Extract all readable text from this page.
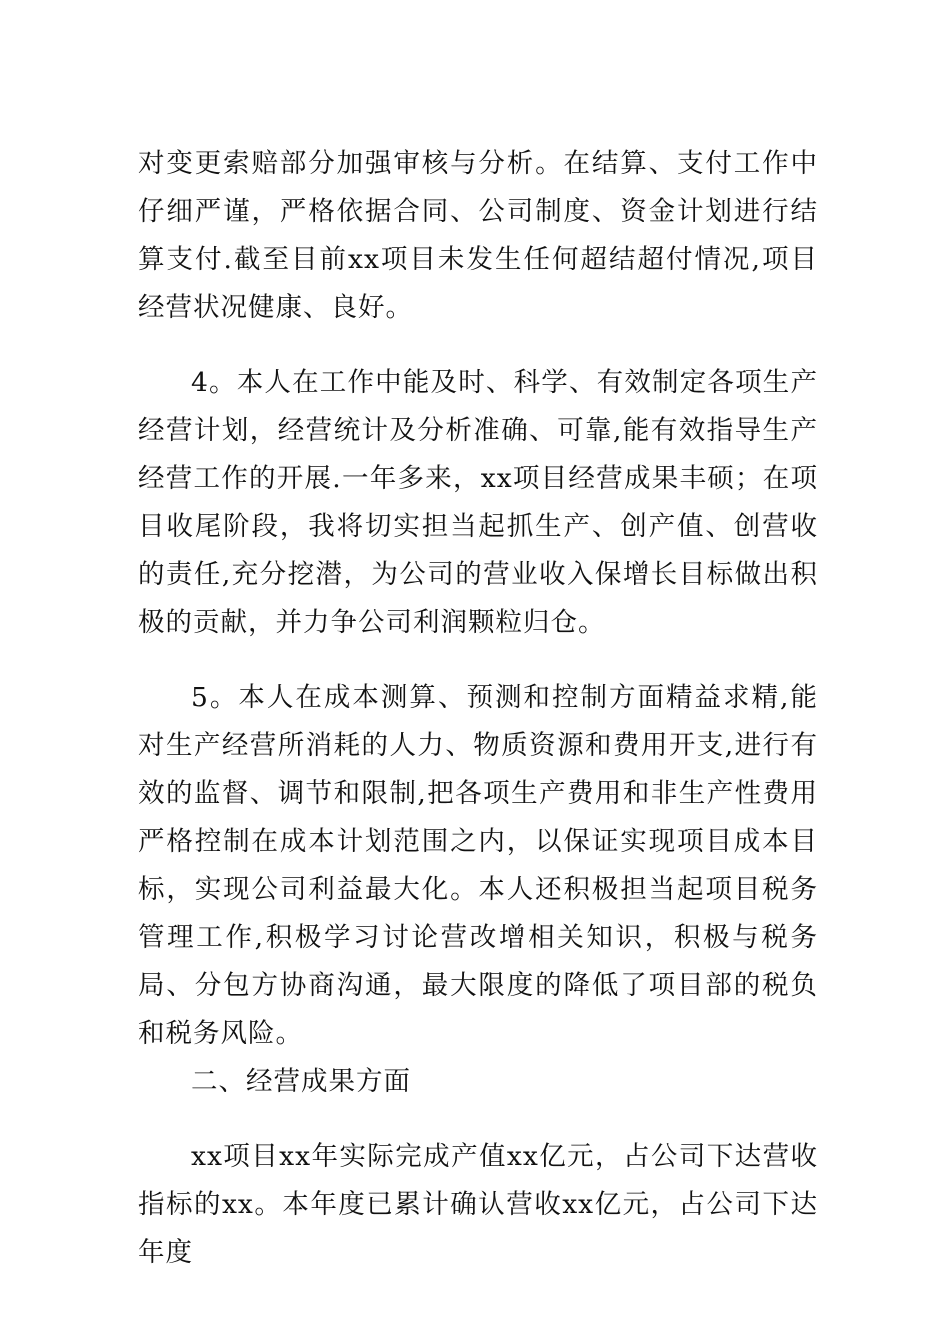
对变更索赔部分加强审核与分析。在结算、支付工作中仔细严谨，严格依据合同、公司制度、资金计划进行结算支付.截至目前xx项目未发生任何超结超付情况,项目经营状况健康、良好。

4。本人在工作中能及时、科学、有效制定各项生产经营计划，经营统计及分析准确、可靠,能有效指导生产经营工作的开展.一年多来，xx项目经营成果丰硕；在项目收尾阶段，我将切实担当起抓生产、创产值、创营收的责任,充分挖潜，为公司的营业收入保增长目标做出积极的贡献，并力争公司利润颗粒归仓。

5。本人在成本测算、预测和控制方面精益求精,能对生产经营所消耗的人力、物质资源和费用开支,进行有效的监督、调节和限制,把各项生产费用和非生产性费用严格控制在成本计划范围之内，以保证实现项目成本目标，实现公司利益最大化。本人还积极担当起项目税务管理工作,积极学习讨论营改增相关知识，积极与税务局、分包方协商沟通，最大限度的降低了项目部的税负和税务风险。

二、经营成果方面

xx项目xx年实际完成产值xx亿元，占公司下达营收指标的xx。本年度已累计确认营收xx亿元，占公司下达年度
